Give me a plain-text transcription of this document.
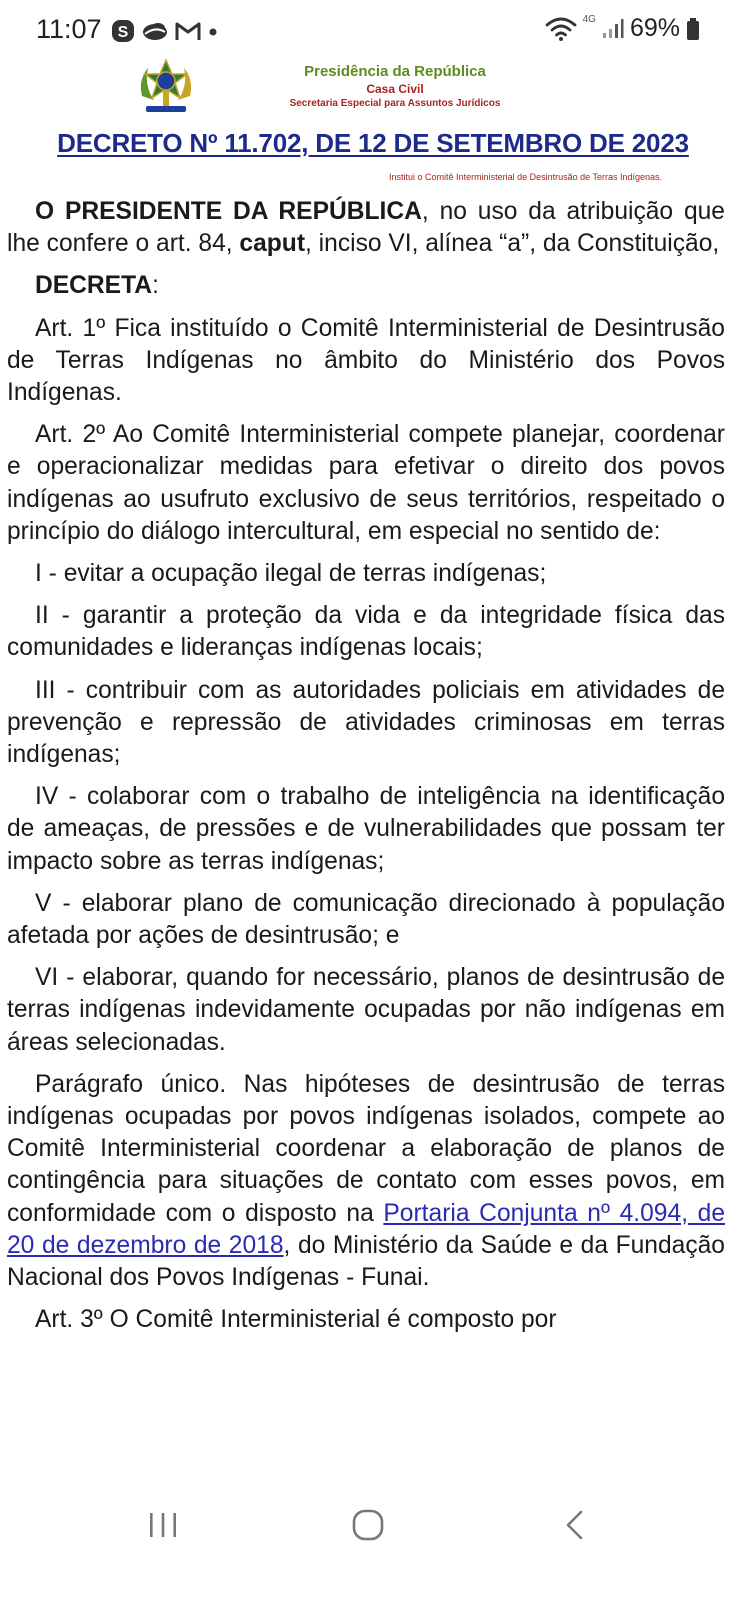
11:07 S
4G 69%
Presidência da República
Casa Civil
Secretaria Especial para Assuntos Jurídicos
DECRETO Nº 11.702, DE 12 DE SETEMBRO DE 2023
Institui o Comitê Interministerial de Desintrusão de Terras Indígenas.

O PRESIDENTE DA REPÚBLICA, no uso da atribuição que lhe confere o art. 84, caput, inciso VI, alínea “a”, da Constituição,

DECRETA:

Art. 1º Fica instituído o Comitê Interministerial de Desintrusão de Terras Indígenas no âmbito do Ministério dos Povos Indígenas.

Art. 2º Ao Comitê Interministerial compete planejar, coordenar e operacionalizar medidas para efetivar o direito dos povos indígenas ao usufruto exclusivo de seus territórios, respeitado o princípio do diálogo intercultural, em especial no sentido de:

I - evitar a ocupação ilegal de terras indígenas;

II - garantir a proteção da vida e da integridade física das comunidades e lideranças indígenas locais;

III - contribuir com as autoridades policiais em atividades de prevenção e repressão de atividades criminosas em terras indígenas;

IV - colaborar com o trabalho de inteligência na identificação de ameaças, de pressões e de vulnerabilidades que possam ter impacto sobre as terras indígenas;

V - elaborar plano de comunicação direcionado à população afetada por ações de desintrusão; e

VI - elaborar, quando for necessário, planos de desintrusão de terras indígenas indevidamente ocupadas por não indígenas em áreas selecionadas.

Parágrafo único. Nas hipóteses de desintrusão de terras indígenas ocupadas por povos indígenas isolados, compete ao Comitê Interministerial coordenar a elaboração de planos de contingência para situações de contato com esses povos, em conformidade com o disposto na Portaria Conjunta nº 4.094, de 20 de dezembro de 2018, do Ministério da Saúde e da Fundação Nacional dos Povos Indígenas - Funai.

Art. 3º O Comitê Interministerial é composto por
